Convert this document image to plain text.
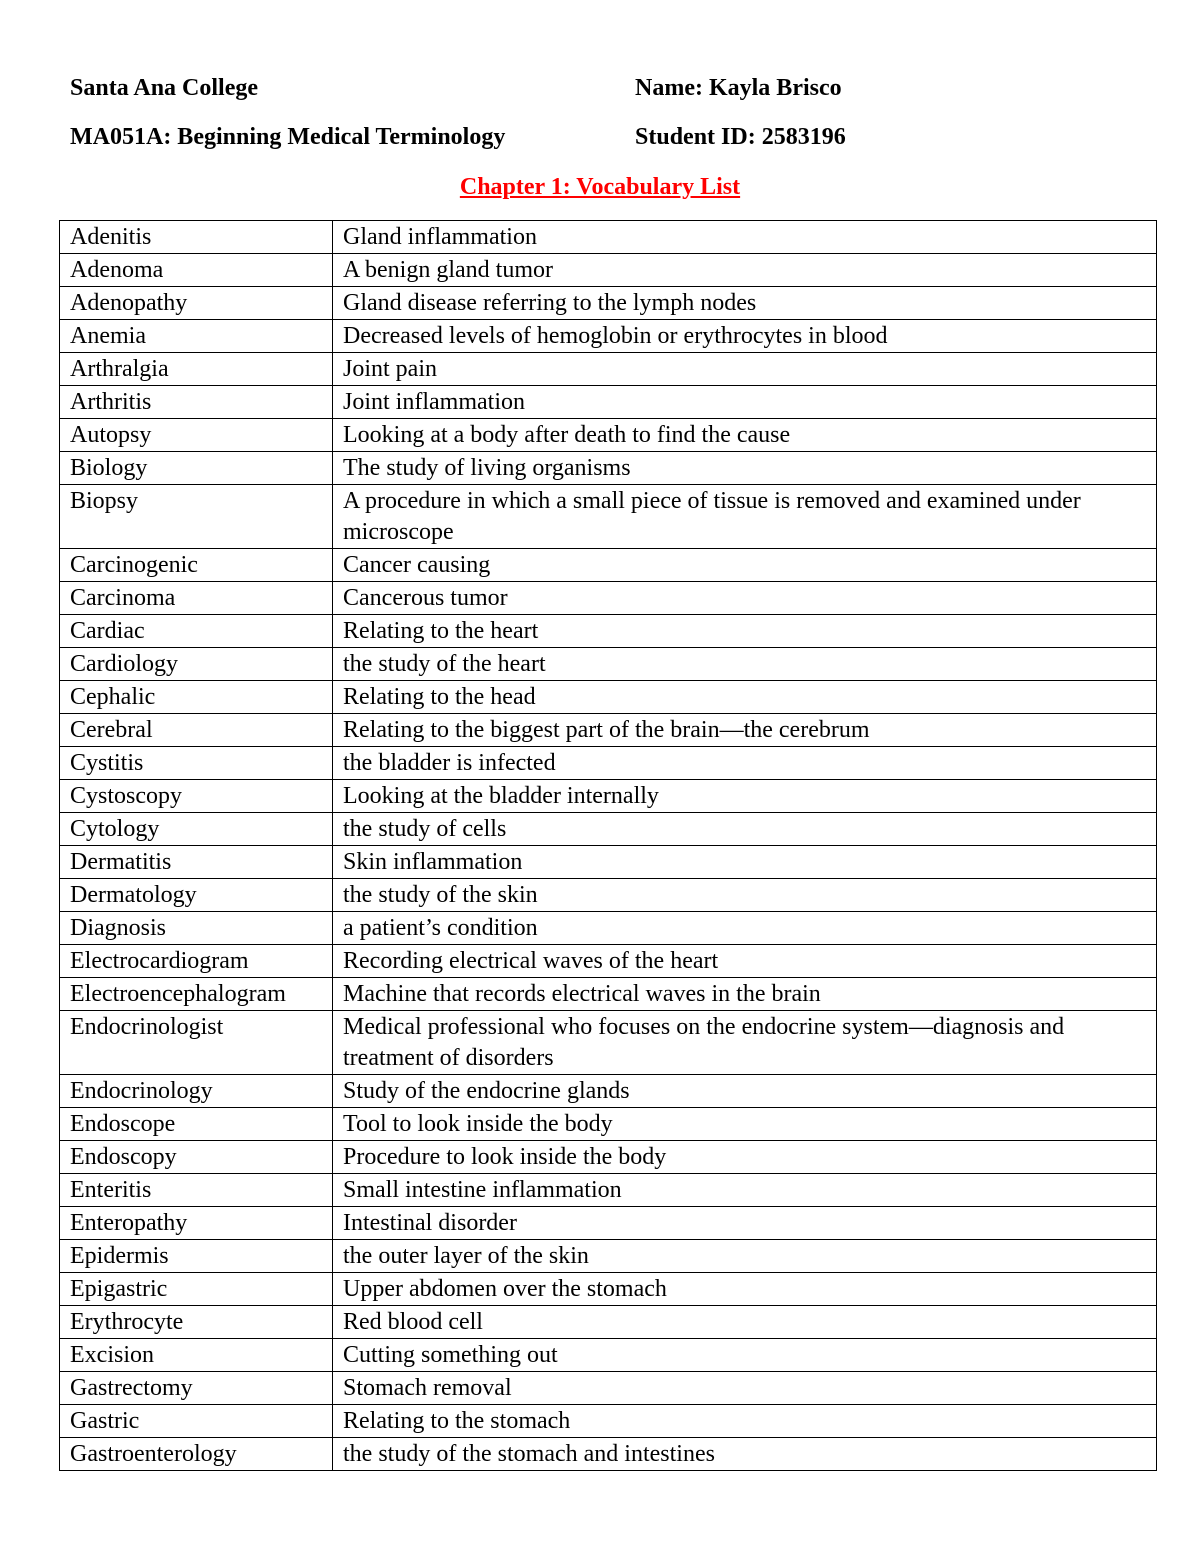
Santa Ana College	Name: Kayla Brisco
MA051A: Beginning Medical Terminology	Student ID: 2583196
Chapter 1: Vocabulary List
Adenitis	Gland inflammation
Adenoma	A benign gland tumor
Adenopathy	Gland disease referring to the lymph nodes
Anemia	Decreased levels of hemoglobin or erythrocytes in blood
Arthralgia	Joint pain
Arthritis	Joint inflammation
Autopsy	Looking at a body after death to find the cause
Biology	The study of living organisms
Biopsy	A procedure in which a small piece of tissue is removed and examined under microscope
Carcinogenic	Cancer causing
Carcinoma	Cancerous tumor
Cardiac	Relating to the heart
Cardiology	the study of the heart
Cephalic	Relating to the head
Cerebral	Relating to the biggest part of the brain—the cerebrum
Cystitis	the bladder is infected
Cystoscopy	Looking at the bladder internally
Cytology	the study of cells
Dermatitis	Skin inflammation
Dermatology	the study of the skin
Diagnosis	a patient’s condition
Electrocardiogram	Recording electrical waves of the heart
Electroencephalogram	Machine that records electrical waves in the brain
Endocrinologist	Medical professional who focuses on the endocrine system—diagnosis and treatment of disorders
Endocrinology	Study of the endocrine glands
Endoscope	Tool to look inside the body
Endoscopy	Procedure to look inside the body
Enteritis	Small intestine inflammation
Enteropathy	Intestinal disorder
Epidermis	the outer layer of the skin
Epigastric	Upper abdomen over the stomach
Erythrocyte	Red blood cell
Excision	Cutting something out
Gastrectomy	Stomach removal
Gastric	Relating to the stomach
Gastroenterology	the study of the stomach and intestines
